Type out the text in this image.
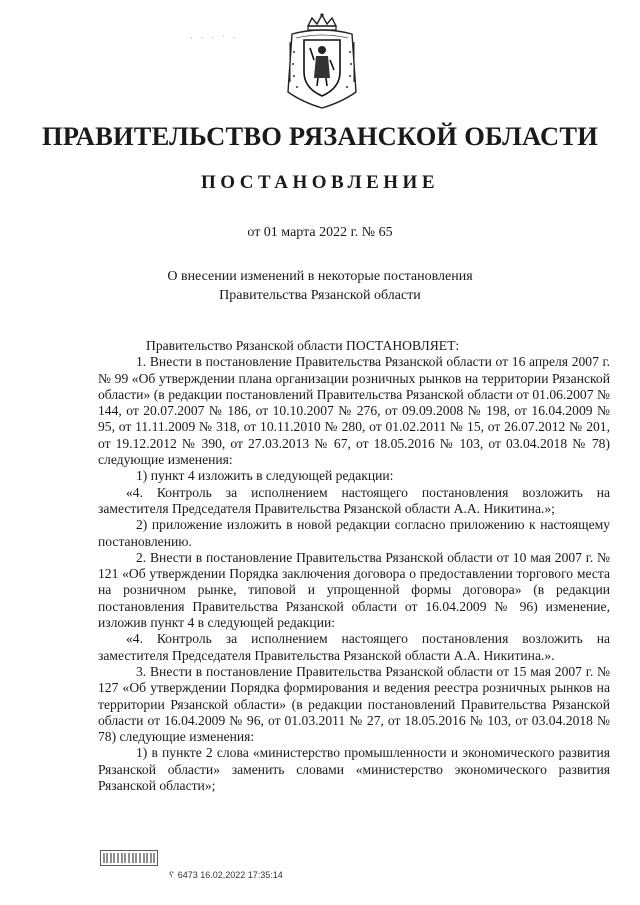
· · · ˙ ·
ПРАВИТЕЛЬСТВО РЯЗАНСКОЙ ОБЛАСТИ
ПОСТАНОВЛЕНИЕ
от 01 марта 2022 г. № 65
О внесении изменений в некоторые постановления
Правительства Рязанской области

Правительство Рязанской области ПОСТАНОВЛЯЕТ:

1. Внести в постановление Правительства Рязанской области от 16 апреля 2007 г. № 99 «Об утверждении плана организации розничных рынков на территории Рязанской области» (в редакции постановлений Правительства Рязанской области от 01.06.2007 № 144, от 20.07.2007 № 186, от 10.10.2007 № 276, от 09.09.2008 № 198, от 16.04.2009 № 95, от 11.11.2009 № 318, от 10.11.2010 № 280, от 01.02.2011 № 15, от 26.07.2012 № 201, от 19.12.2012 № 390, от 27.03.2013 № 67, от 18.05.2016 № 103, от 03.04.2018 № 78) следующие изменения:

1) пункт 4 изложить в следующей редакции:

«4. Контроль за исполнением настоящего постановления возложить на заместителя Председателя Правительства Рязанской области А.А. Никитина.»;

2) приложение изложить в новой редакции согласно приложению к настоящему постановлению.

2. Внести в постановление Правительства Рязанской области от 10 мая 2007 г. № 121 «Об утверждении Порядка заключения договора о предоставлении торгового места на розничном рынке, типовой и упрощенной формы договора» (в редакции постановления Правительства Рязанской области от 16.04.2009 № 96) изменение, изложив пункт 4 в следующей редакции:

«4. Контроль за исполнением настоящего постановления возложить на заместителя Председателя Правительства Рязанской области А.А. Никитина.».

3. Внести в постановление Правительства Рязанской области от 15 мая 2007 г. № 127 «Об утверждении Порядка формирования и ведения реестра розничных рынков на территории Рязанской области» (в редакции постановлений Правительства Рязанской области от 16.04.2009 № 96, от 01.03.2011 № 27, от 18.05.2016 № 103, от 03.04.2018 № 78) следующие изменения:

1) в пункте 2 слова «министерство промышленности и экономического развития Рязанской области» заменить словами «министерство экономического развития Рязанской области»;

␦ 6473 16.02.2022 17:35:14
